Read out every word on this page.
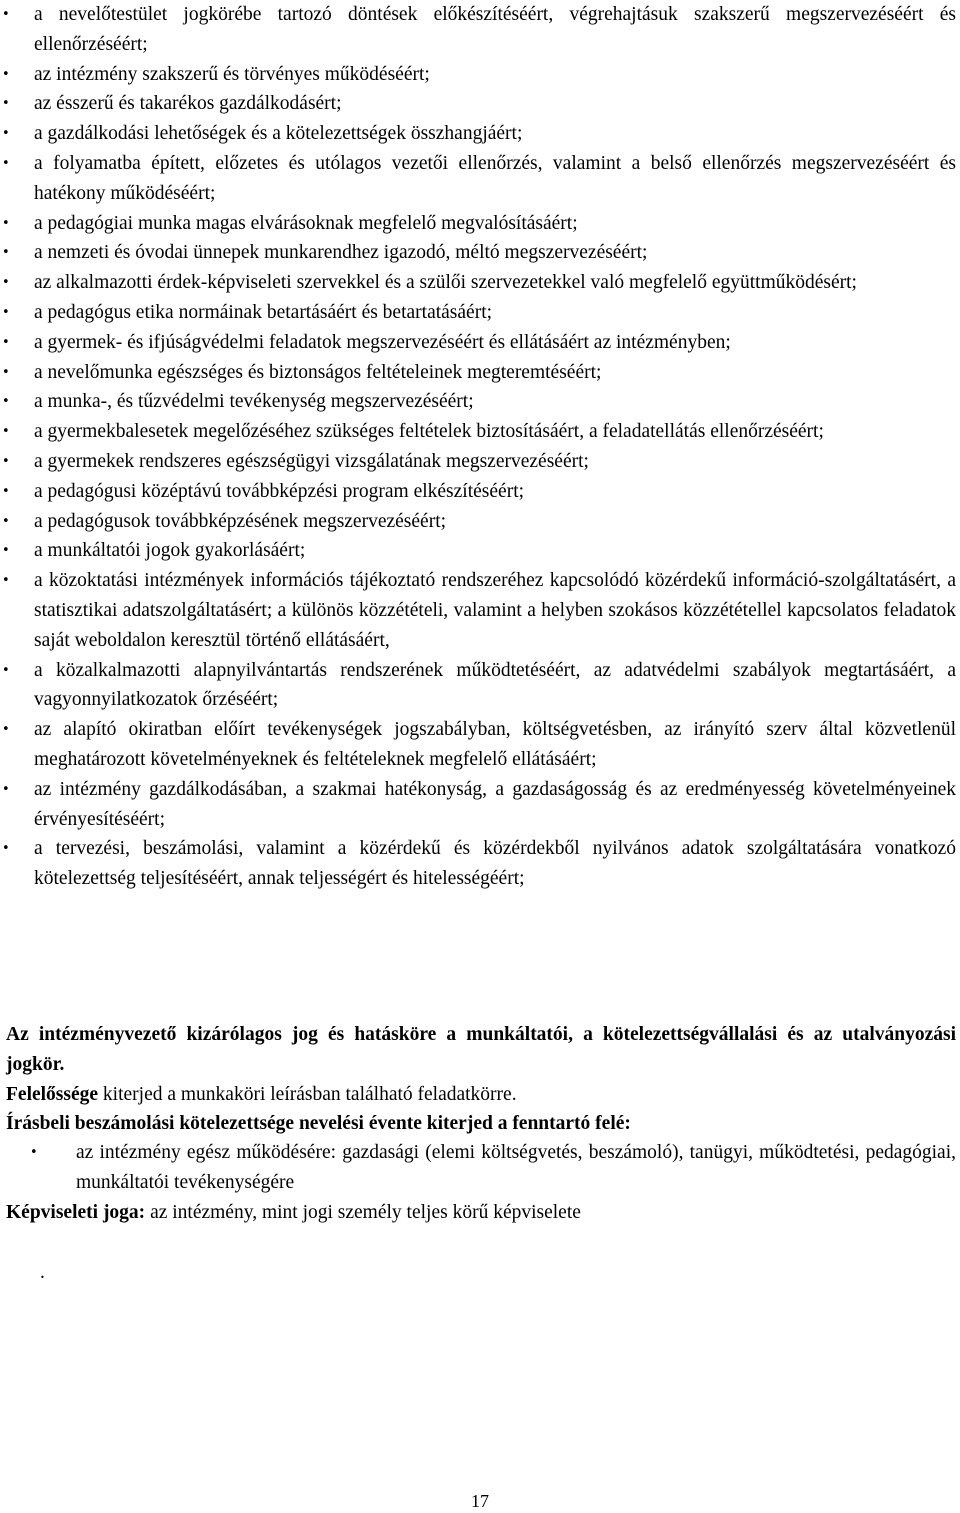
•	a nevelőtestület jogkörébe tartozó döntések előkészítéséért, végrehajtásuk szakszerű megszervezéséért és ellenőrzéséért;
•	az intézmény szakszerű és törvényes működéséért;
•	az ésszerű és takarékos gazdálkodásért;
•	a gazdálkodási lehetőségek és a kötelezettségek összhangjáért;
•	a folyamatba épített, előzetes és utólagos vezetői ellenőrzés, valamint a belső ellenőrzés megszervezéséért és hatékony működéséért;
•	a pedagógiai munka magas elvárásoknak megfelelő megvalósításáért;
•	a nemzeti és óvodai ünnepek munkarendhez igazodó, méltó megszervezéséért;
•	az alkalmazotti érdek-képviseleti szervekkel és a szülői szervezetekkel való megfelelő együttműködésért;
•	a pedagógus etika normáinak betartásáért és betartatásáért;
•	a gyermek- és ifjúságvédelmi feladatok megszervezéséért és ellátásáért az intézményben;
•	a nevelőmunka egészséges és biztonságos feltételeinek megteremtéséért;
•	a munka-, és tűzvédelmi tevékenység megszervezéséért;
•	a gyermekbalesetek megelőzéséhez szükséges feltételek biztosításáért, a feladatellátás ellenőrzéséért;
•	a gyermekek rendszeres egészségügyi vizsgálatának megszervezéséért;
•	a pedagógusi középtávú továbbképzési program elkészítéséért;
•	a pedagógusok továbbképzésének megszervezéséért;
•	a munkáltatói jogok gyakorlásáért;
•	a közoktatási intézmények információs tájékoztató rendszeréhez kapcsolódó közérdekű információ-szolgáltatásért, a statisztikai adatszolgáltatásért; a különös közzétételi, valamint a helyben szokásos közzététellel kapcsolatos feladatok saját weboldalon keresztül történő ellátásáért,
•	a közalkalmazotti alapnyilvántartás rendszerének működtetéséért, az adatvédelmi szabályok megtartásáért, a vagyonnyilatkozatok őrzéséért;
•	az alapító okiratban előírt tevékenységek jogszabályban, költségvetésben, az irányító szerv által közvetlenül meghatározott követelményeknek és feltételeknek megfelelő ellátásáért;
•	az intézmény gazdálkodásában, a szakmai hatékonyság, a gazdaságosság és az eredményesség követelményeinek érvényesítéséért;
•	a tervezési, beszámolási, valamint a közérdekű és közérdekből nyilvános adatok szolgáltatására vonatkozó kötelezettség teljesítéséért, annak teljességért és hitelességéért;

Az intézményvezető kizárólagos jog és hatásköre a munkáltatói, a kötelezettségvállalási és az utalványozási jogkör.

Felelőssége kiterjed a munkaköri leírásban található feladatkörre.

Írásbeli beszámolási kötelezettsége nevelési évente kiterjed a fenntartó felé:

•	az intézmény egész működésére: gazdasági (elemi költségvetés, beszámoló), tanügyi, működtetési, pedagógiai, munkáltatói tevékenységére

Képviseleti joga: az intézmény, mint jogi személy teljes körű képviselete

.
17
